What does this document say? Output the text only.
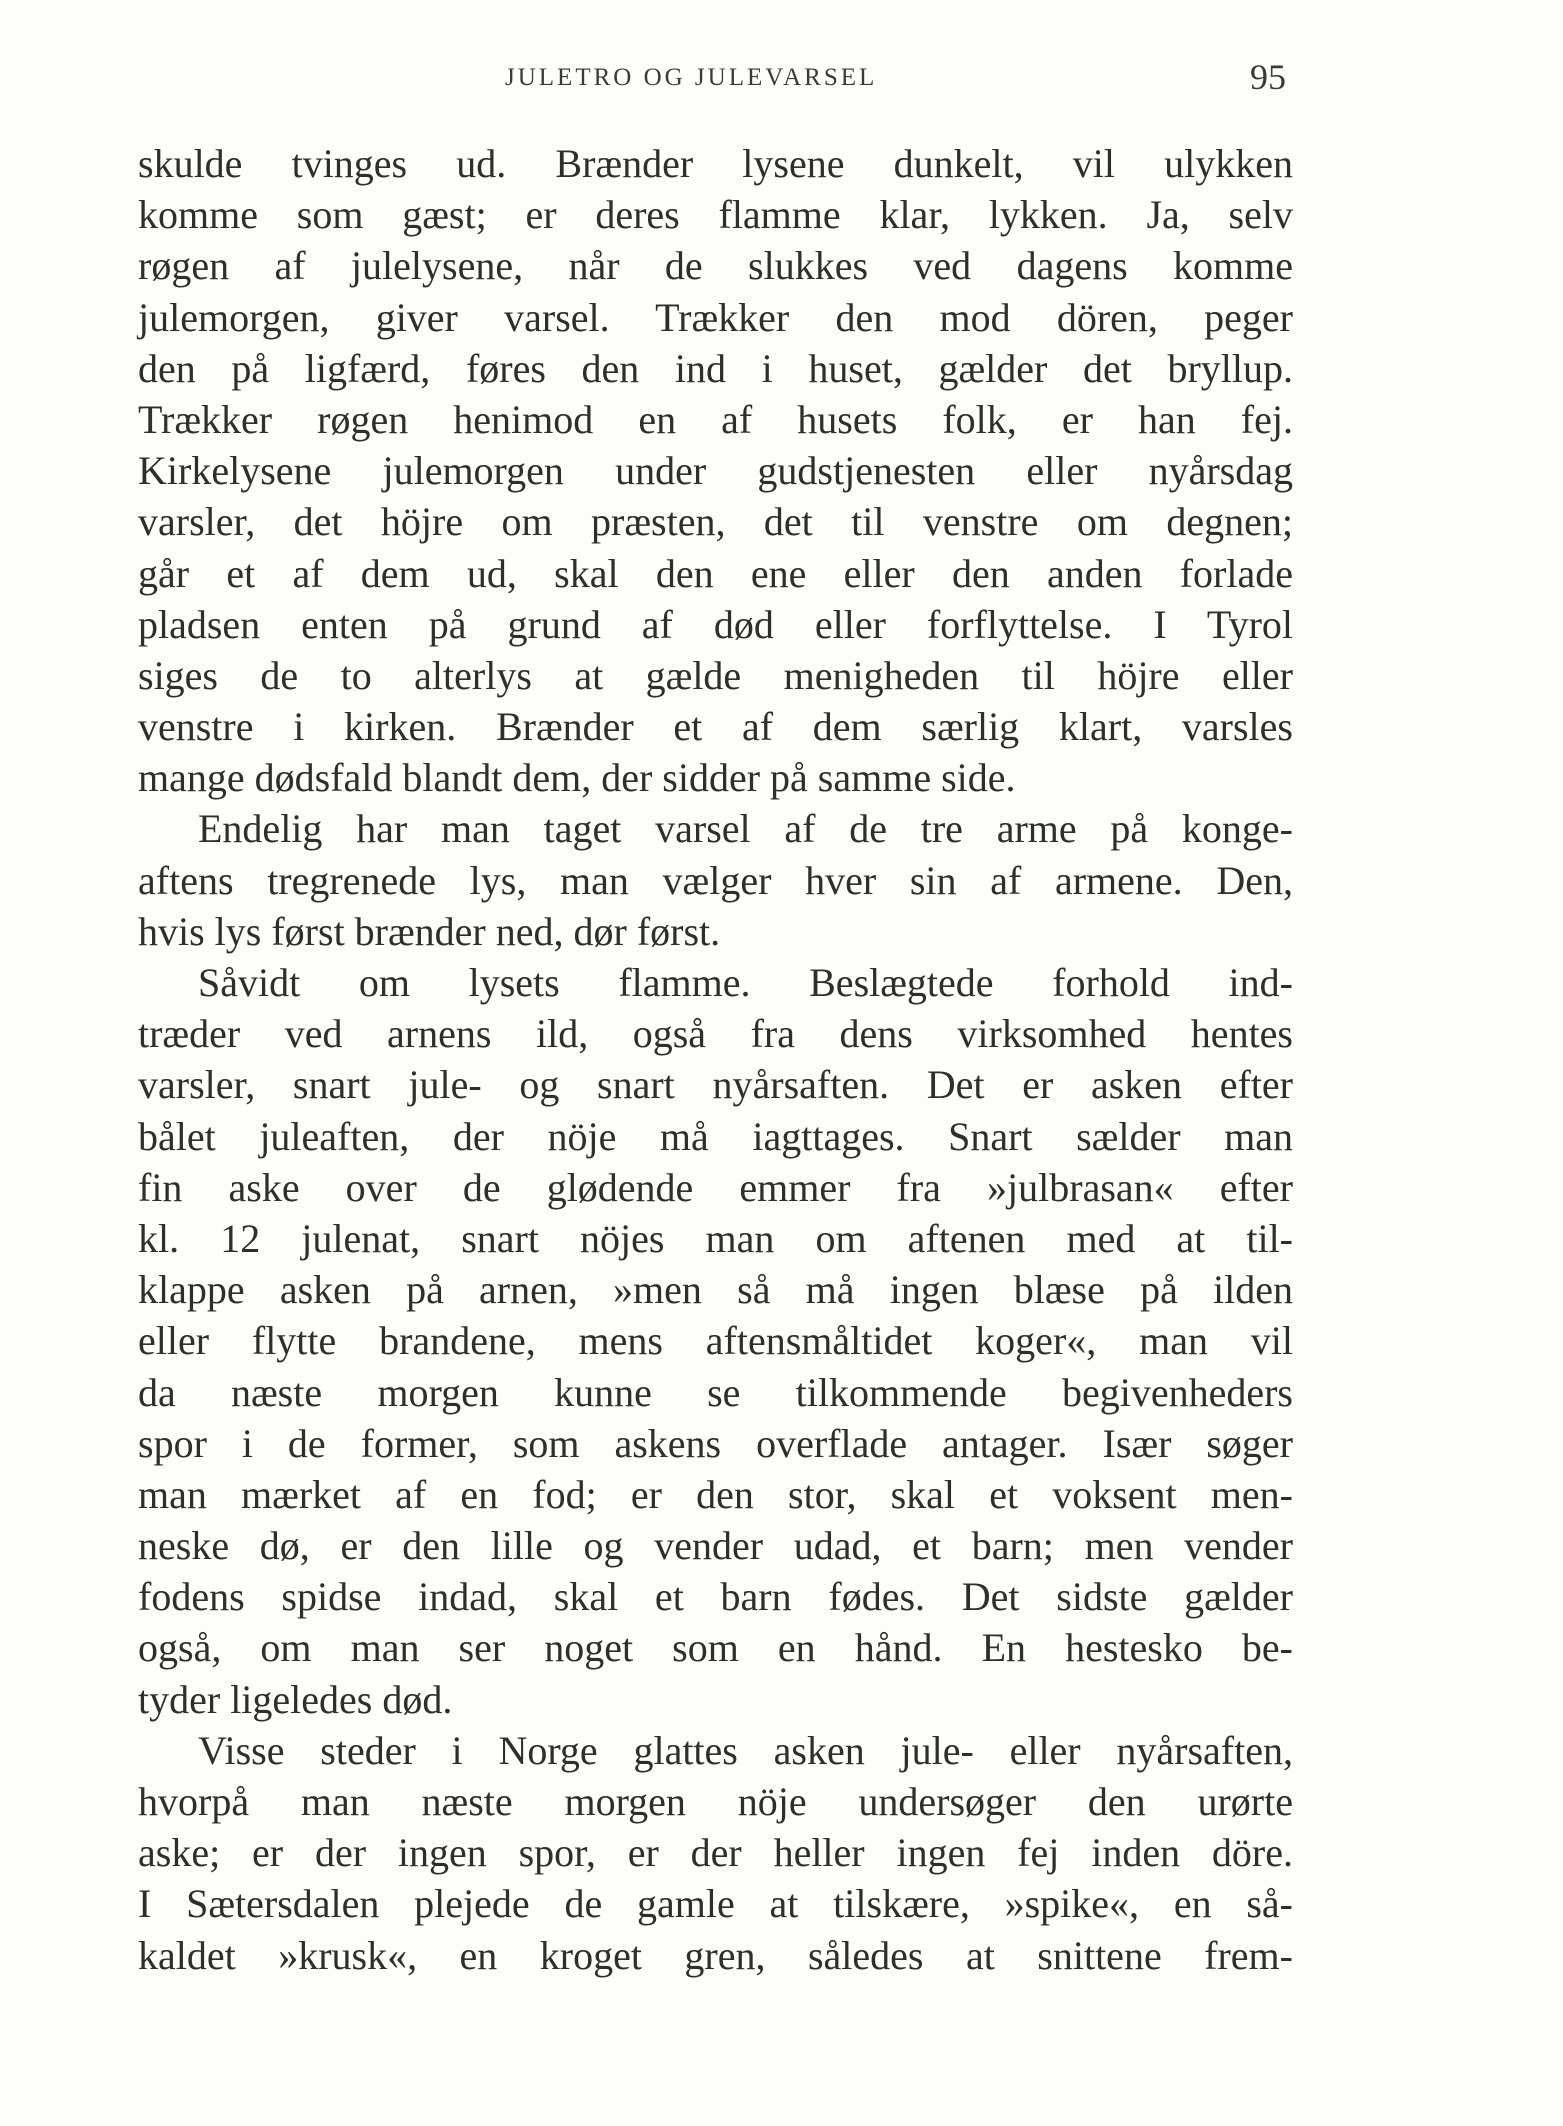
JULETRO OG JULEVARSEL	95
skulde tvinges ud. Brænder lysene dunkelt, vil ulykken
komme som gæst; er deres flamme klar, lykken. Ja, selv
røgen af julelysene, når de slukkes ved dagens komme
julemorgen, giver varsel. Trækker den mod dören, peger
den på ligfærd, føres den ind i huset, gælder det bryllup.
Trækker røgen henimod en af husets folk, er han fej.
Kirkelysene julemorgen under gudstjenesten eller nyårsdag
varsler, det höjre om præsten, det til venstre om degnen;
går et af dem ud, skal den ene eller den anden forlade
pladsen enten på grund af død eller forflyttelse. I Tyrol
siges de to alterlys at gælde menigheden til höjre eller
venstre i kirken. Brænder et af dem særlig klart, varsles
mange dødsfald blandt dem, der sidder på samme side.
Endelig har man taget varsel af de tre arme på konge-
aftens tregrenede lys, man vælger hver sin af armene. Den,
hvis lys først brænder ned, dør først.
Såvidt om lysets flamme. Beslægtede forhold ind-
træder ved arnens ild, også fra dens virksomhed hentes
varsler, snart jule- og snart nyårsaften. Det er asken efter
bålet juleaften, der nöje må iagttages. Snart sælder man
fin aske over de glødende emmer fra »julbrasan« efter
kl. 12 julenat, snart nöjes man om aftenen med at til-
klappe asken på arnen, »men så må ingen blæse på ilden
eller flytte brandene, mens aftensmåltidet koger«, man vil
da næste morgen kunne se tilkommende begivenheders
spor i de former, som askens overflade antager. Især søger
man mærket af en fod; er den stor, skal et voksent men-
neske dø, er den lille og vender udad, et barn; men vender
fodens spidse indad, skal et barn fødes. Det sidste gælder
også, om man ser noget som en hånd. En hestesko be-
tyder ligeledes død.
Visse steder i Norge glattes asken jule- eller nyårsaften,
hvorpå man næste morgen nöje undersøger den urørte
aske; er der ingen spor, er der heller ingen fej inden döre.
I Sætersdalen plejede de gamle at tilskære, »spike«, en så-
kaldet »krusk«, en kroget gren, således at snittene frem-
